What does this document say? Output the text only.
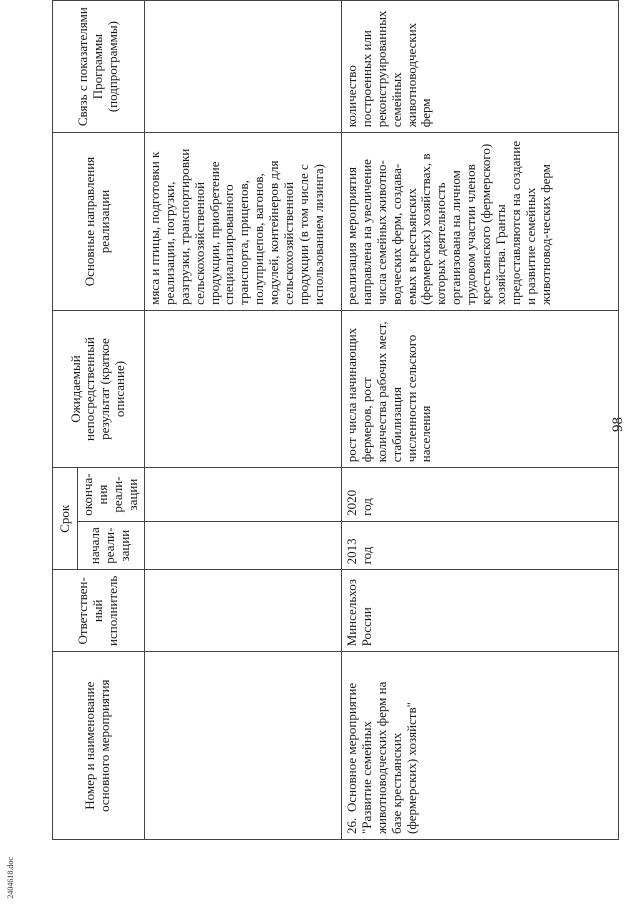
98
Номер и наименование основного мероприятия	Ответствен-ный исполнитель	Срок		Ожидаемый непосредственный результат (краткое описание)	Основные направления реализации	Связь с показателями Программы (подпрограммы)
		начала реали-зации	оконча-ния реали-зации			
					мяса и птицы, подготовки к реализации, погрузки, разгрузки, транспортировки сельскохозяйственной продукции, приобретение специализированного транспорта, прицепов, полуприцепов, вагонов, модулей, контейнеров для сельскохозяйственной продукции (в том числе с использованием лизинга)	
26.Основное мероприятие "Развитие семейных животноводческих ферм на базе крестьянских (фермерских) хозяйств"	Минсельхоз России	2013 год	2020 год	рост числа начинающих фермеров, рост количества рабочих мест, стабилизация численности сельского населения	реализация мероприятия направлена на увеличение числа семейных животно-водческих ферм, создава-емых в крестьянских (фермерских) хозяйствах, в которых деятельность организована на личном трудовом участии членов крестьянского (фермерского) хозяйства. Гранты предоставляются на создание и развитие семейных животновод-ческих ферм	количество построенных или реконструированных семейных животноводческих ферм
2404618.doc
